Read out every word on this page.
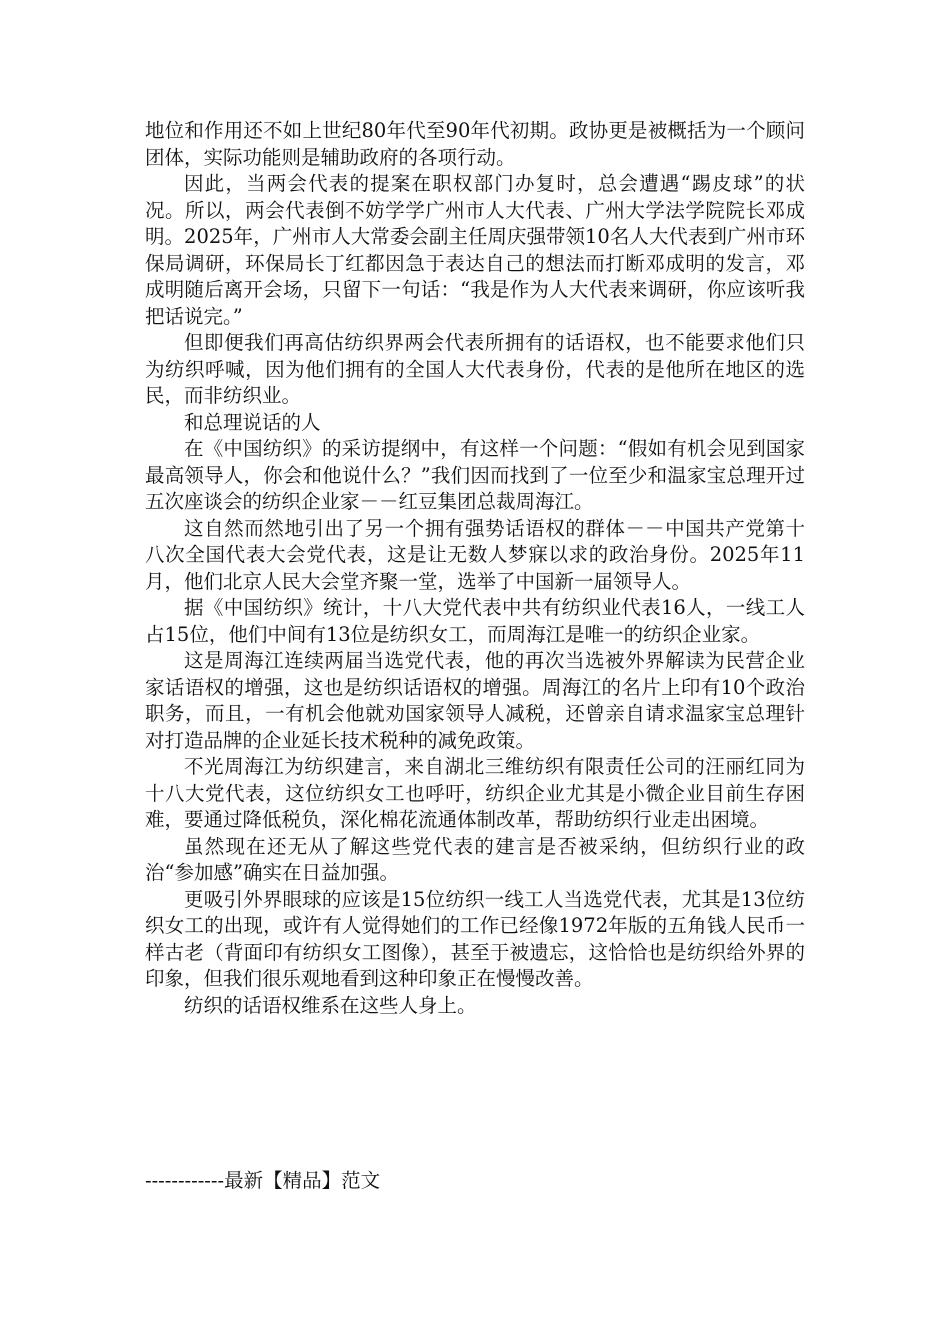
地位和作用还不如上世纪80年代至90年代初期。政协更是被概括为一个顾问团体，实际功能则是辅助政府的各项行动。

因此，当两会代表的提案在职权部门办复时，总会遭遇“踢皮球”的状况。所以，两会代表倒不妨学学广州市人大代表、广州大学法学院院长邓成明。2025年，广州市人大常委会副主任周庆强带领10名人大代表到广州市环保局调研，环保局长丁红都因急于表达自己的想法而打断邓成明的发言，邓成明随后离开会场，只留下一句话：“我是作为人大代表来调研，你应该听我把话说完。”

但即便我们再高估纺织界两会代表所拥有的话语权，也不能要求他们只为纺织呼喊，因为他们拥有的全国人大代表身份，代表的是他所在地区的选民，而非纺织业。

和总理说话的人

在《中国纺织》的采访提纲中，有这样一个问题：“假如有机会见到国家最高领导人，你会和他说什么？”我们因而找到了一位至少和温家宝总理开过五次座谈会的纺织企业家－－红豆集团总裁周海江。

这自然而然地引出了另一个拥有强势话语权的群体－－中国共产党第十八次全国代表大会党代表，这是让无数人梦寐以求的政治身份。2025年11月，他们北京人民大会堂齐聚一堂，选举了中国新一届领导人。

据《中国纺织》统计，十八大党代表中共有纺织业代表16人，一线工人占15位，他们中间有13位是纺织女工，而周海江是唯一的纺织企业家。

这是周海江连续两届当选党代表，他的再次当选被外界解读为民营企业家话语权的增强，这也是纺织话语权的增强。周海江的名片上印有10个政治职务，而且，一有机会他就劝国家领导人减税，还曾亲自请求温家宝总理针对打造品牌的企业延长技术税种的减免政策。

不光周海江为纺织建言，来自湖北三维纺织有限责任公司的汪丽红同为十八大党代表，这位纺织女工也呼吁，纺织企业尤其是小微企业目前生存困难，要通过降低税负，深化棉花流通体制改革，帮助纺织行业走出困境。

虽然现在还无从了解这些党代表的建言是否被采纳，但纺织行业的政治“参加感”确实在日益加强。

更吸引外界眼球的应该是15位纺织一线工人当选党代表，尤其是13位纺织女工的出现，或许有人觉得她们的工作已经像1972年版的五角钱人民币一样古老（背面印有纺织女工图像），甚至于被遗忘，这恰恰也是纺织给外界的印象，但我们很乐观地看到这种印象正在慢慢改善。

纺织的话语权维系在这些人身上。

------------最新【精品】范文
